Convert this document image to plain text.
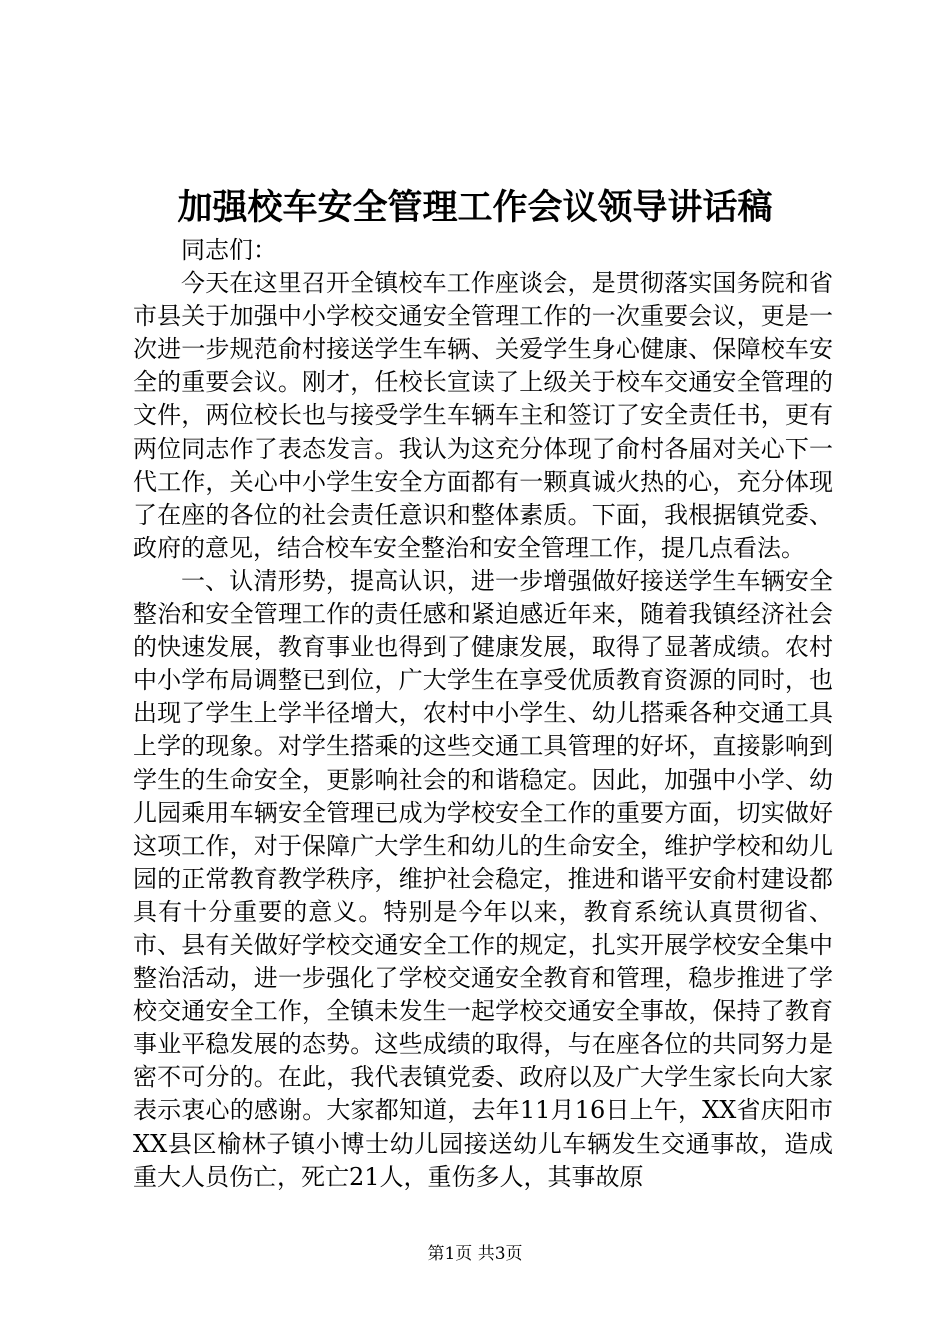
加强校车安全管理工作会议领导讲话稿

同志们：

今天在这里召开全镇校车工作座谈会，是贯彻落实国务院和省市县关于加强中小学校交通安全管理工作的一次重要会议，更是一次进一步规范俞村接送学生车辆、关爱学生身心健康、保障校车安全的重要会议。刚才，任校长宣读了上级关于校车交通安全管理的文件，两位校长也与接受学生车辆车主和签订了安全责任书，更有两位同志作了表态发言。我认为这充分体现了俞村各届对关心下一代工作，关心中小学生安全方面都有一颗真诚火热的心，充分体现了在座的各位的社会责任意识和整体素质。下面，我根据镇党委、政府的意见，结合校车安全整治和安全管理工作，提几点看法。

一、认清形势，提高认识，进一步增强做好接送学生车辆安全整治和安全管理工作的责任感和紧迫感近年来，随着我镇经济社会的快速发展，教育事业也得到了健康发展，取得了显著成绩。农村中小学布局调整已到位，广大学生在享受优质教育资源的同时，也出现了学生上学半径增大，农村中小学生、幼儿搭乘各种交通工具上学的现象。对学生搭乘的这些交通工具管理的好坏，直接影响到学生的生命安全，更影响社会的和谐稳定。因此，加强中小学、幼儿园乘用车辆安全管理已成为学校安全工作的重要方面，切实做好这项工作，对于保障广大学生和幼儿的生命安全，维护学校和幼儿园的正常教育教学秩序，维护社会稳定，推进和谐平安俞村建设都具有十分重要的意义。特别是今年以来，教育系统认真贯彻省、市、县有关做好学校交通安全工作的规定，扎实开展学校安全集中整治活动，进一步强化了学校交通安全教育和管理，稳步推进了学校交通安全工作，全镇未发生一起学校交通安全事故，保持了教育事业平稳发展的态势。这些成绩的取得，与在座各位的共同努力是密不可分的。在此，我代表镇党委、政府以及广大学生家长向大家表示衷心的感谢。大家都知道，去年11月16日上午，XX省庆阳市XX县区榆林子镇小博士幼儿园接送幼儿车辆发生交通事故，造成重大人员伤亡，死亡21人，重伤多人，其事故原

第1页 共3页
